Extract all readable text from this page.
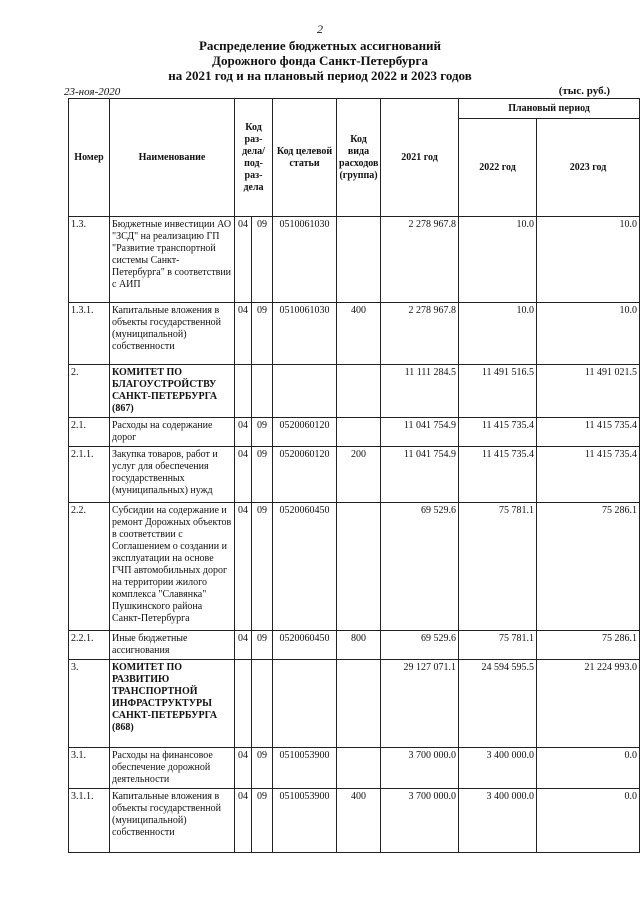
2
Распределение бюджетных ассигнований
Дорожного фонда Санкт-Петербурга
на 2021 год и на плановый период 2022 и 2023 годов
23-ноя-2020	(тыс. руб.)
Номер	Наименование	Код раз-дела/ под-раз-дела		Код целевой статьи	Код вида расходов (группа)	2021 год	Плановый период	
							2022 год	2023 год
1.3.	Бюджетные инвестиции АО "ЗСД" на реализацию ГП "Развитие транспортной системы Санкт-Петербурга" в соответствии с АИП	04	09	0510061030		2 278 967.8	10.0	10.0
1.3.1.	Капитальные вложения в объекты государственной (муниципальной) собственности	04	09	0510061030	400	2 278 967.8	10.0	10.0
2.	КОМИТЕТ ПО БЛАГОУСТРОЙСТВУ САНКТ-ПЕТЕРБУРГА (867)					11 111 284.5	11 491 516.5	11 491 021.5
2.1.	Расходы на содержание дорог	04	09	0520060120		11 041 754.9	11 415 735.4	11 415 735.4
2.1.1.	Закупка товаров, работ и услуг для обеспечения государственных (муниципальных) нужд	04	09	0520060120	200	11 041 754.9	11 415 735.4	11 415 735.4
2.2.	Субсидии на содержание и ремонт Дорожных объектов в соответствии с Соглашением о создании и эксплуатации на основе ГЧП автомобильных дорог на территории жилого комплекса "Славянка" Пушкинского района Санкт-Петербурга	04	09	0520060450		69 529.6	75 781.1	75 286.1
2.2.1.	Иные бюджетные ассигнования	04	09	0520060450	800	69 529.6	75 781.1	75 286.1
3.	КОМИТЕТ ПО РАЗВИТИЮ ТРАНСПОРТНОЙ ИНФРАСТРУКТУРЫ САНКТ-ПЕТЕРБУРГА (868)					29 127 071.1	24 594 595.5	21 224 993.0
3.1.	Расходы на финансовое обеспечение дорожной деятельности	04	09	0510053900		3 700 000.0	3 400 000.0	0.0
3.1.1.	Капитальные вложения в объекты государственной (муниципальной) собственности	04	09	0510053900	400	3 700 000.0	3 400 000.0	0.0
